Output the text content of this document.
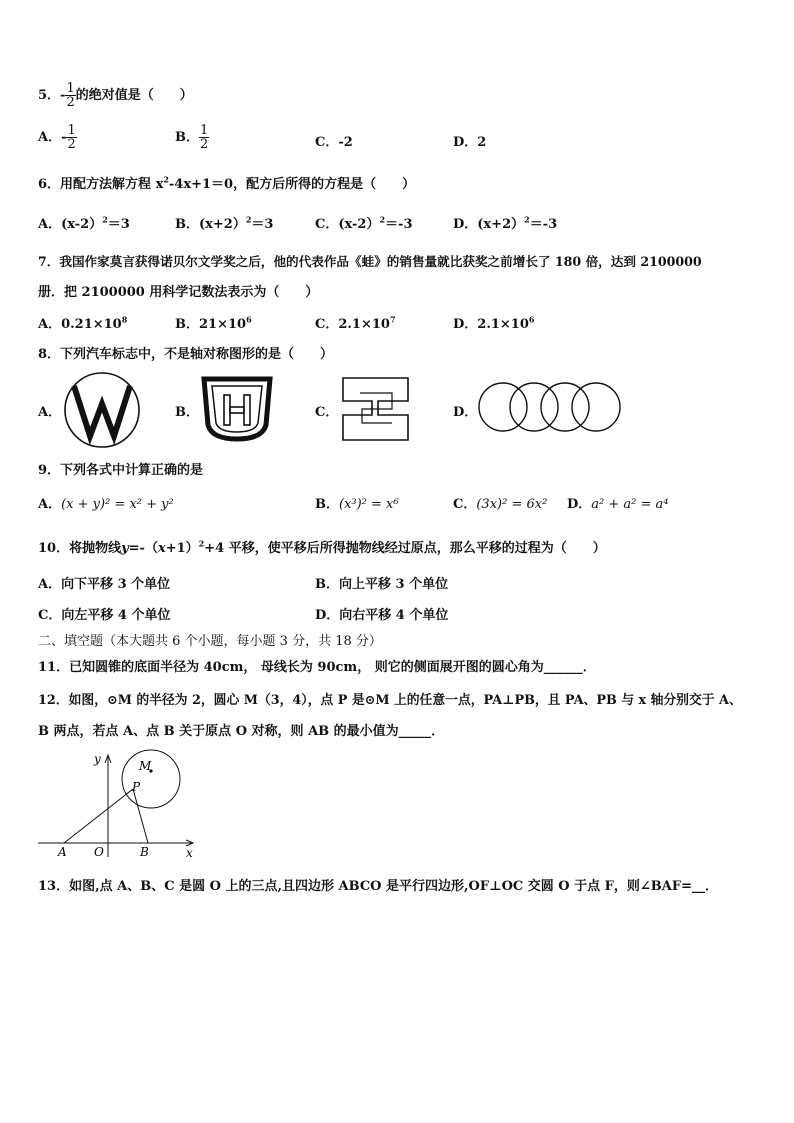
5．- $\frac{1}{2}$ 的绝对值是（　　）
A．- $\frac{1}{2}$	B． $\frac{1}{2}$	C．-2	D．2
6．用配方法解方程 $x^2-4x+1=0$，配方后所得的方程是（　　）
A．(x-2）$^2$＝3	B．(x+2）$^2$＝3	C．(x-2）$^2$＝-3	D．(x+2）$^2$＝-3
7．我国作家莫言获得诺贝尔文学奖之后，他的代表作品《蛙》的销售量就比获奖之前增长了 180 倍，达到 2100000
册．把 2100000 用科学记数法表示为（　　）
A．$0.21\times 10^8$	B．$21\times 10^6$	C．$2.1\times 10^7$	D．$2.1\times 10^6$
8．下列汽车标志中，不是轴对称图形的是（　　）
A．	B．	C．	D．
9．下列各式中计算正确的是
A．(x + y)² = x² + y²	B．(x³)² = x⁶	C．(3x)² = 6x² D．a² + a² = a⁴
10．将抛物线$y=-(x+1)^2+4$ 平移，使平移后所得抛物线经过原点，那么平移的过程为（　　）
A．向下平移 3 个单位	B．向上平移 3 个单位
C．向左平移 4 个单位	D．向右平移 4 个单位
二、填空题（本大题共 6 个小题，每小题 3 分，共 18 分）
11．已知圆锥的底面半径为 40cm， 母线长为 90cm， 则它的侧面展开图的圆心角为______．
12．如图，⊙M 的半径为 2，圆心 M（3，4），点 P 是⊙M 上的任意一点，PA⊥PB，且 PA、PB 与 x 轴分别交于 A、
B 两点，若点 A、点 B 关于原点 O 对称，则 AB 的最小值为_____．
y	M
P
A O	B	x
13．如图,点 A、B、C 是圆 O 上的三点,且四边形 ABCO 是平行四边形,OF⊥OC 交圆 O 于点 F，则∠BAF=__．
